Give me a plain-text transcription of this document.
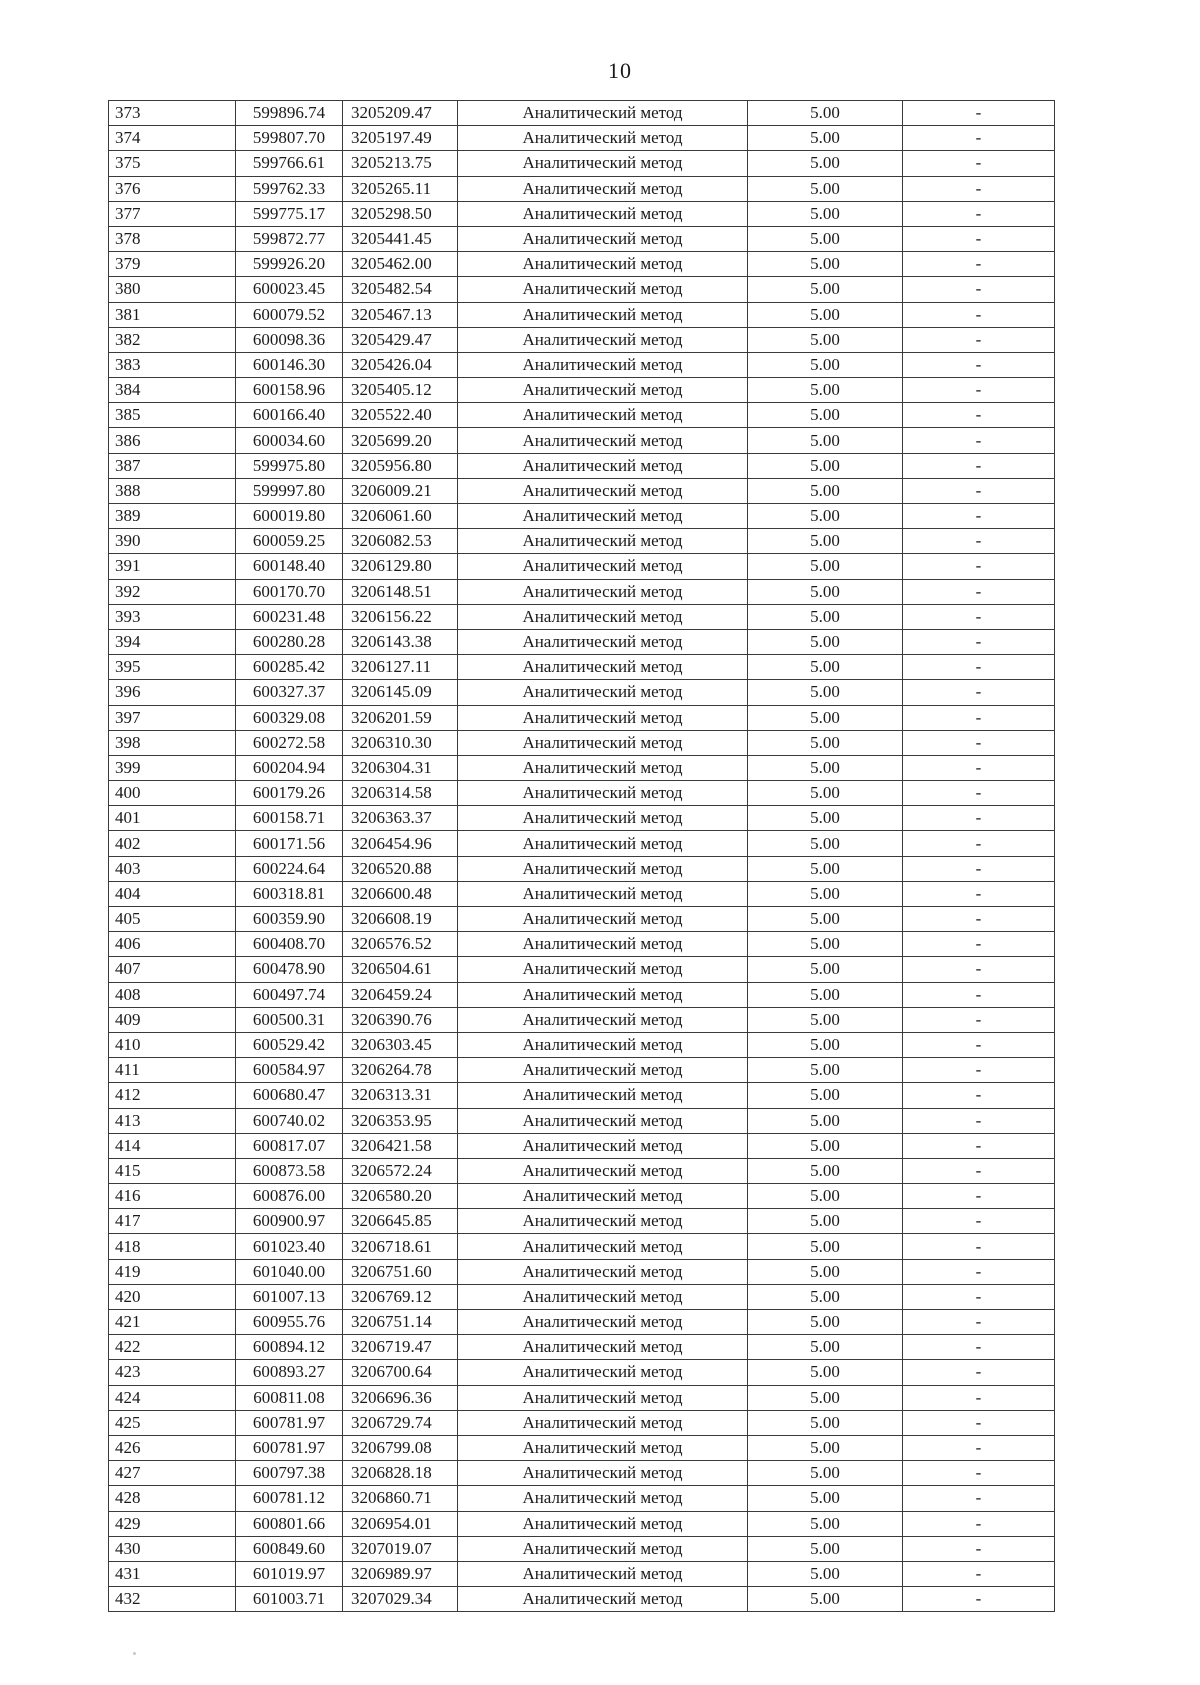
10
373	599896.74	3205209.47	Аналитический метод	5.00	-
374	599807.70	3205197.49	Аналитический метод	5.00	-
375	599766.61	3205213.75	Аналитический метод	5.00	-
376	599762.33	3205265.11	Аналитический метод	5.00	-
377	599775.17	3205298.50	Аналитический метод	5.00	-
378	599872.77	3205441.45	Аналитический метод	5.00	-
379	599926.20	3205462.00	Аналитический метод	5.00	-
380	600023.45	3205482.54	Аналитический метод	5.00	-
381	600079.52	3205467.13	Аналитический метод	5.00	-
382	600098.36	3205429.47	Аналитический метод	5.00	-
383	600146.30	3205426.04	Аналитический метод	5.00	-
384	600158.96	3205405.12	Аналитический метод	5.00	-
385	600166.40	3205522.40	Аналитический метод	5.00	-
386	600034.60	3205699.20	Аналитический метод	5.00	-
387	599975.80	3205956.80	Аналитический метод	5.00	-
388	599997.80	3206009.21	Аналитический метод	5.00	-
389	600019.80	3206061.60	Аналитический метод	5.00	-
390	600059.25	3206082.53	Аналитический метод	5.00	-
391	600148.40	3206129.80	Аналитический метод	5.00	-
392	600170.70	3206148.51	Аналитический метод	5.00	-
393	600231.48	3206156.22	Аналитический метод	5.00	-
394	600280.28	3206143.38	Аналитический метод	5.00	-
395	600285.42	3206127.11	Аналитический метод	5.00	-
396	600327.37	3206145.09	Аналитический метод	5.00	-
397	600329.08	3206201.59	Аналитический метод	5.00	-
398	600272.58	3206310.30	Аналитический метод	5.00	-
399	600204.94	3206304.31	Аналитический метод	5.00	-
400	600179.26	3206314.58	Аналитический метод	5.00	-
401	600158.71	3206363.37	Аналитический метод	5.00	-
402	600171.56	3206454.96	Аналитический метод	5.00	-
403	600224.64	3206520.88	Аналитический метод	5.00	-
404	600318.81	3206600.48	Аналитический метод	5.00	-
405	600359.90	3206608.19	Аналитический метод	5.00	-
406	600408.70	3206576.52	Аналитический метод	5.00	-
407	600478.90	3206504.61	Аналитический метод	5.00	-
408	600497.74	3206459.24	Аналитический метод	5.00	-
409	600500.31	3206390.76	Аналитический метод	5.00	-
410	600529.42	3206303.45	Аналитический метод	5.00	-
411	600584.97	3206264.78	Аналитический метод	5.00	-
412	600680.47	3206313.31	Аналитический метод	5.00	-
413	600740.02	3206353.95	Аналитический метод	5.00	-
414	600817.07	3206421.58	Аналитический метод	5.00	-
415	600873.58	3206572.24	Аналитический метод	5.00	-
416	600876.00	3206580.20	Аналитический метод	5.00	-
417	600900.97	3206645.85	Аналитический метод	5.00	-
418	601023.40	3206718.61	Аналитический метод	5.00	-
419	601040.00	3206751.60	Аналитический метод	5.00	-
420	601007.13	3206769.12	Аналитический метод	5.00	-
421	600955.76	3206751.14	Аналитический метод	5.00	-
422	600894.12	3206719.47	Аналитический метод	5.00	-
423	600893.27	3206700.64	Аналитический метод	5.00	-
424	600811.08	3206696.36	Аналитический метод	5.00	-
425	600781.97	3206729.74	Аналитический метод	5.00	-
426	600781.97	3206799.08	Аналитический метод	5.00	-
427	600797.38	3206828.18	Аналитический метод	5.00	-
428	600781.12	3206860.71	Аналитический метод	5.00	-
429	600801.66	3206954.01	Аналитический метод	5.00	-
430	600849.60	3207019.07	Аналитический метод	5.00	-
431	601019.97	3206989.97	Аналитический метод	5.00	-
432	601003.71	3207029.34	Аналитический метод	5.00	-
